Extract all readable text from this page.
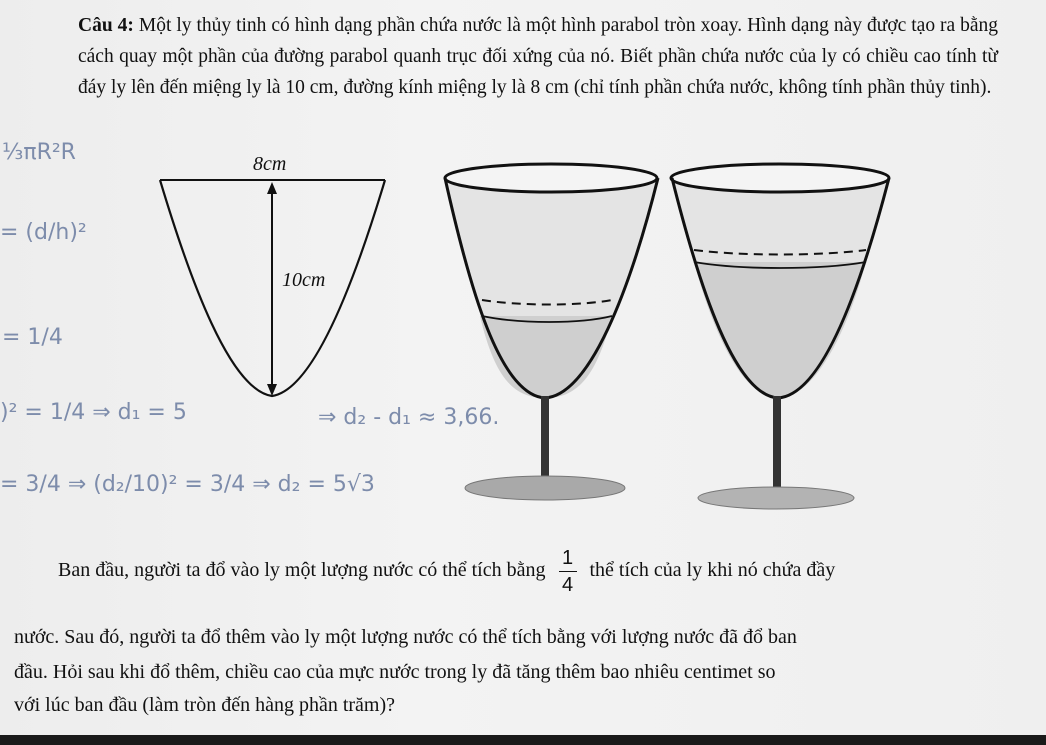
Câu 4: Một ly thủy tinh có hình dạng phần chứa nước là một hình parabol tròn xoay. Hình dạng này được tạo ra bằng cách quay một phần của đường parabol quanh trục đối xứng của nó. Biết phần chứa nước của ly có chiều cao tính từ đáy ly lên đến miệng ly là 10 cm, đường kính miệng ly là 8 cm (chỉ tính phần chứa nước, không tính phần thủy tinh).
⅓πR²R
= (d/h)²
= 1/4
)² = 1/4 ⇒ d₁ = 5	⇒ d₂ - d₁ ≈ 3,66.
= 3/4 ⇒ (d₂/10)² = 3/4 ⇒ d₂ = 5√3
8cm
10cm
Ban đầu, người ta đổ vào ly một lượng nước có thể tích bằng $\frac{1}{4}$ thể tích của ly khi nó chứa đầy
nước. Sau đó, người ta đổ thêm vào ly một lượng nước có thể tích bằng với lượng nước đã đổ ban
đầu. Hỏi sau khi đổ thêm, chiều cao của mực nước trong ly đã tăng thêm bao nhiêu centimet so
với lúc ban đầu (làm tròn đến hàng phần trăm)?
